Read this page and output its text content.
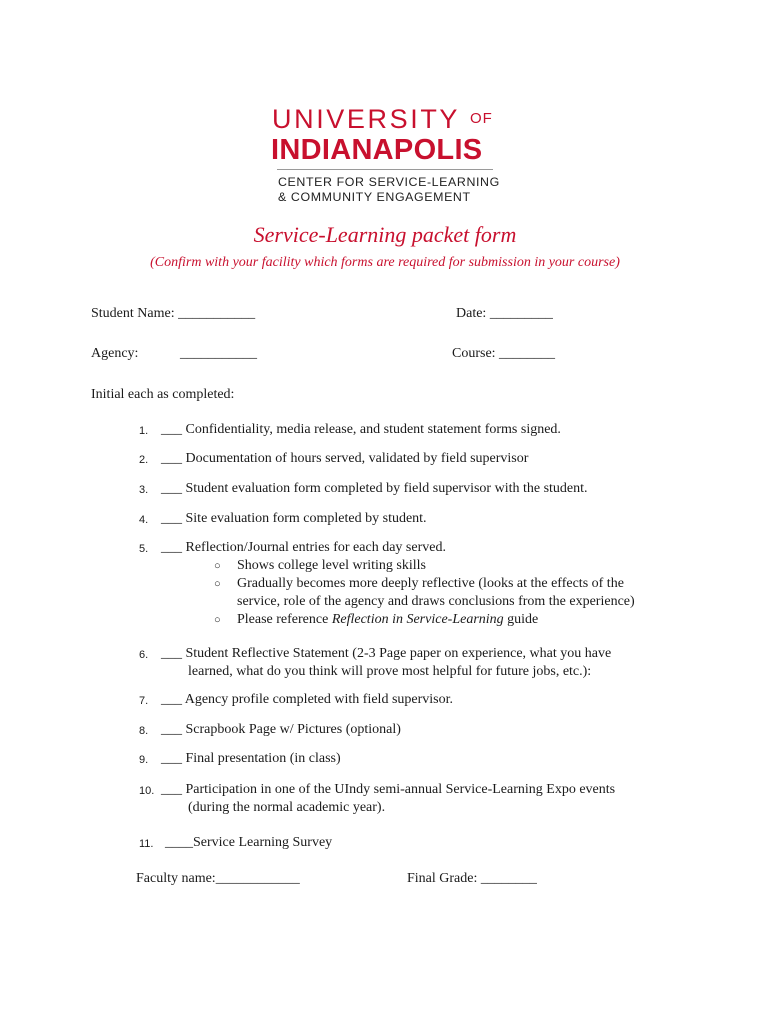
UNIVERSITY OF
INDIANAPOLIS
CENTER FOR SERVICE-LEARNING
& COMMUNITY ENGAGEMENT
Service-Learning packet form
(Confirm with your facility which forms are required for submission in your course)
Student Name: ___________	Date: _________
Agency:	___________	Course: ________
Initial each as completed:
1. ___ Confidentiality, media release, and student statement forms signed.
2. ___ Documentation of hours served, validated by field supervisor
3. ___ Student evaluation form completed by field supervisor with the student.
4. ___ Site evaluation form completed by student.
5. ___ Reflection/Journal entries for each day served.
○ Shows college level writing skills
○ Gradually becomes more deeply reflective (looks at the effects of the
service, role of the agency and draws conclusions from the experience)
○ Please reference Reflection in Service-Learning guide
6. ___ Student Reflective Statement (2-3 Page paper on experience, what you have
learned, what do you think will prove most helpful for future jobs, etc.):
7. ___ Agency profile completed with field supervisor.
8. ___ Scrapbook Page w/ Pictures (optional)
9. ___ Final presentation (in class)
10. ___ Participation in one of the UIndy semi-annual Service-Learning Expo events
(during the normal academic year).
11. ____Service Learning Survey
Faculty name:____________	Final Grade: ________
